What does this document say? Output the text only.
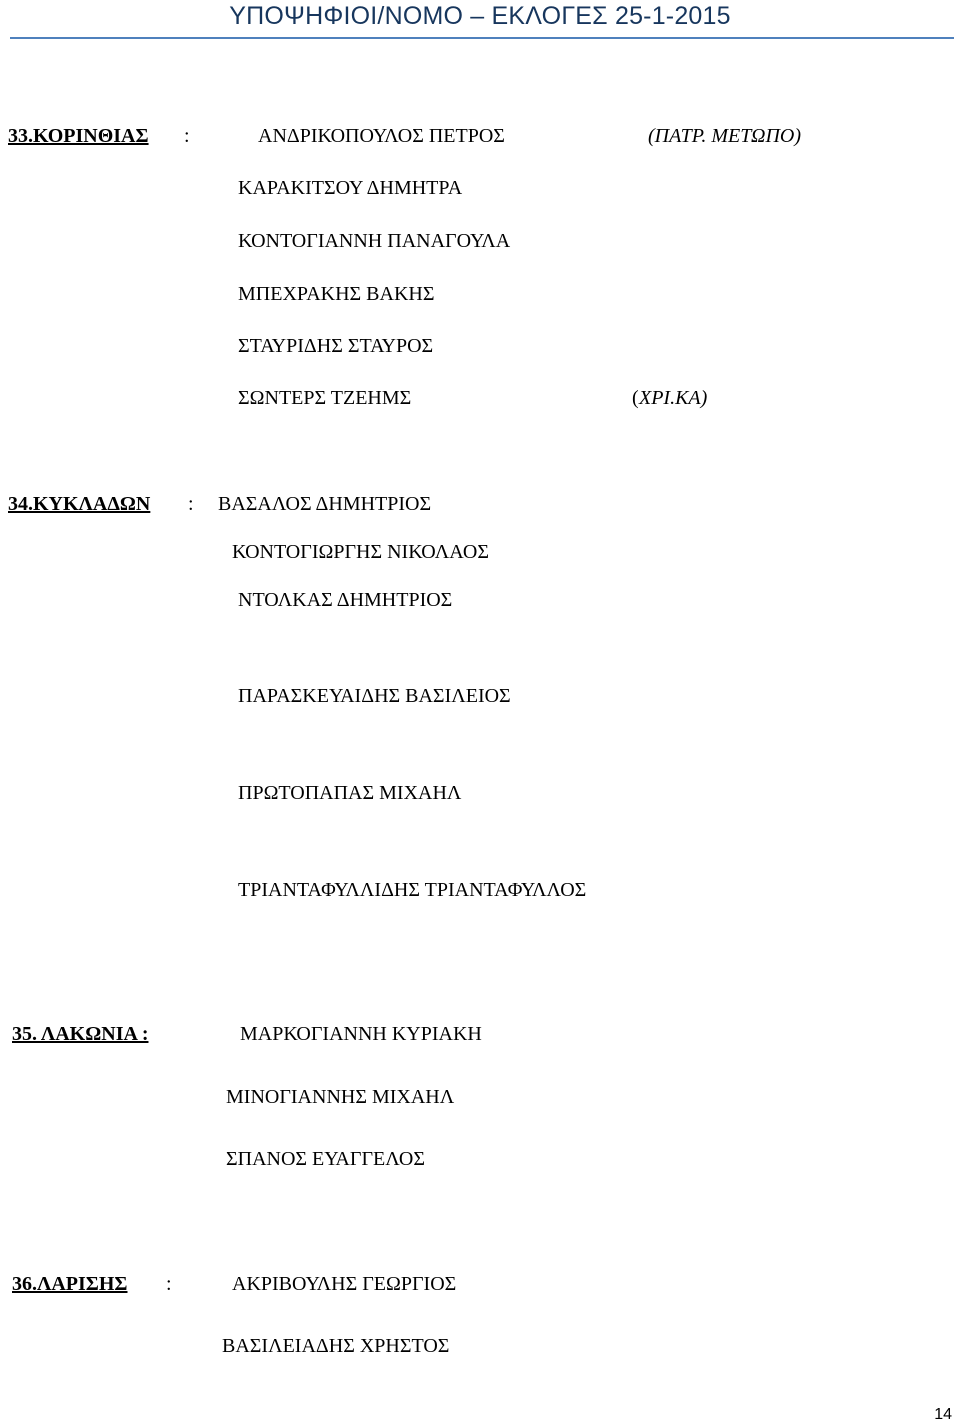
ΥΠΟΨΗΦΙΟΙ/ΝΟΜΟ – ΕΚΛΟΓΕΣ 25-1-2015
33.ΚΟΡΙΝΘΙΑΣ :	ΑΝΔΡΙΚΟΠΟΥΛΟΣ ΠΕΤΡΟΣ	(ΠΑΤΡ. ΜΕΤΩΠΟ)
ΚΑΡΑΚΙΤΣΟΥ ΔΗΜΗΤΡΑ
ΚΟΝΤΟΓΙΑΝΝΗ ΠΑΝΑΓΟΥΛΑ
ΜΠΕΧΡΑΚΗΣ ΒΑΚΗΣ
ΣΤΑΥΡΙΔΗΣ ΣΤΑΥΡΟΣ
ΣΩΝΤΕΡΣ ΤΖΕΗΜΣ	( ΧΡΙ.ΚΑ)
34.ΚΥΚΛΑΔΩΝ : ΒΑΣΑΛΟΣ ΔΗΜΗΤΡΙΟΣ
ΚΟΝΤΟΓΙΩΡΓΗΣ ΝΙΚΟΛΑΟΣ
ΝΤΟΛΚΑΣ ΔΗΜΗΤΡΙΟΣ
ΠΑΡΑΣΚΕΥΑΙΔΗΣ ΒΑΣΙΛΕΙΟΣ
ΠΡΩΤΟΠΑΠΑΣ ΜΙΧΑΗΛ
ΤΡΙΑΝΤΑΦΥΛΛΙΔΗΣ ΤΡΙΑΝΤΑΦΥΛΛΟΣ
35. ΛΑΚΩΝΙΑ :	ΜΑΡΚΟΓΙΑΝΝΗ ΚΥΡΙΑΚΗ
ΜΙΝΟΓΙΑΝΝΗΣ ΜΙΧΑΗΛ
ΣΠΑΝΟΣ ΕΥΑΓΓΕΛΟΣ
36.ΛΑΡΙΣΗΣ :	ΑΚΡΙΒΟΥΛΗΣ ΓΕΩΡΓΙΟΣ
ΒΑΣΙΛΕΙΑΔΗΣ ΧΡΗΣΤΟΣ
14
